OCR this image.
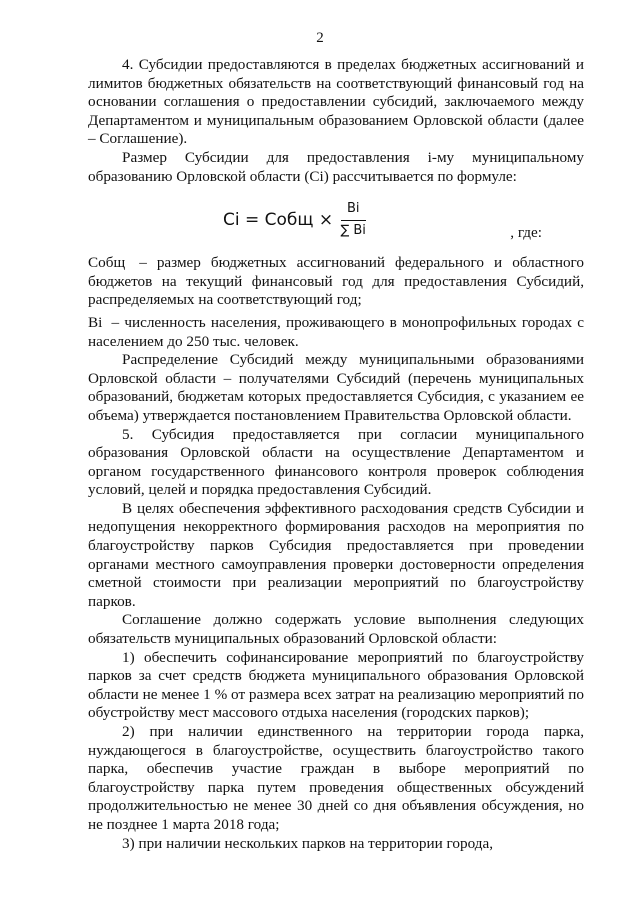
2

4. Субсидии предоставляются в пределах бюджетных ассигнований и лимитов бюджетных обязательств на соответствующий финансовый год на основании соглашения о предоставлении субсидий, заключаемого между Департаментом и муниципальным образованием Орловской области (далее – Соглашение).

Размер Субсидии для предоставления i-му муниципальному образованию Орловской области (Ci) рассчитывается по формуле:

Ci = Cобщ × $\frac{Bi}{\sum Bi}$	, где:

Cобщ – размер бюджетных ассигнований федерального и областного бюджетов на текущий финансовый год для предоставления Субсидий, распределяемых на соответствующий год;

Bi – численность населения, проживающего в монопрофильных городах с населением до 250 тыс. человек.

Распределение Субсидий между муниципальными образованиями Орловской области – получателями Субсидий (перечень муниципальных образований, бюджетам которых предоставляется Субсидия, с указанием ее объема) утверждается постановлением Правительства Орловской области.

5. Субсидия предоставляется при согласии муниципального образования Орловской области на осуществление Департаментом и органом государственного финансового контроля проверок соблюдения условий, целей и порядка предоставления Субсидий.

В целях обеспечения эффективного расходования средств Субсидии и недопущения некорректного формирования расходов на мероприятия по благоустройству парков Субсидия предоставляется при проведении органами местного самоуправления проверки достоверности определения сметной стоимости при реализации мероприятий по благоустройству парков.

Соглашение должно содержать условие выполнения следующих обязательств муниципальных образований Орловской области:

1) обеспечить софинансирование мероприятий по благоустройству парков за счет средств бюджета муниципального образования Орловской области не менее 1 % от размера всех затрат на реализацию мероприятий по обустройству мест массового отдыха населения (городских парков);

2) при наличии единственного на территории города парка, нуждающегося в благоустройстве, осуществить благоустройство такого парка, обеспечив участие граждан в выборе мероприятий по благоустройству парка путем проведения общественных обсуждений продолжительностью не менее 30 дней со дня объявления обсуждения, но не позднее 1 марта 2018 года;

3) при наличии нескольких парков на территории города,
